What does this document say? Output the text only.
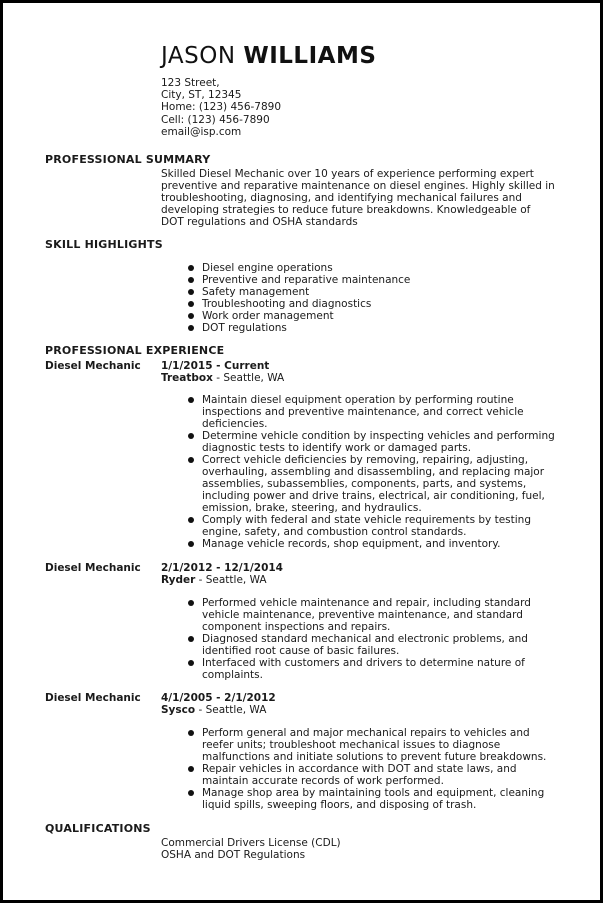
JASON WILLIAMS
123 Street,
City, ST, 12345
Home: (123) 456-7890
Cell: (123) 456-7890
email@isp.com
PROFESSIONAL SUMMARY
Skilled Diesel Mechanic over 10 years of experience performing expert
preventive and reparative maintenance on diesel engines. Highly skilled in
troubleshooting, diagnosing, and identifying mechanical failures and
developing strategies to reduce future breakdowns. Knowledgeable of
DOT regulations and OSHA standards
SKILL HIGHLIGHTS
Diesel engine operations
Preventive and reparative maintenance
Safety management
Troubleshooting and diagnostics
Work order management
DOT regulations
PROFESSIONAL EXPERIENCE
Diesel Mechanic 1/1/2015 - Current
Treatbox - Seattle, WA
Maintain diesel equipment operation by performing routine
inspections and preventive maintenance, and correct vehicle
deficiencies.
Determine vehicle condition by inspecting vehicles and performing
diagnostic tests to identify work or damaged parts.
Correct vehicle deficiencies by removing, repairing, adjusting,
overhauling, assembling and disassembling, and replacing major
assemblies, subassemblies, components, parts, and systems,
including power and drive trains, electrical, air conditioning, fuel,
emission, brake, steering, and hydraulics.
Comply with federal and state vehicle requirements by testing
engine, safety, and combustion control standards.
Manage vehicle records, shop equipment, and inventory.
Diesel Mechanic 2/1/2012 - 12/1/2014
Ryder - Seattle, WA
Performed vehicle maintenance and repair, including standard
vehicle maintenance, preventive maintenance, and standard
component inspections and repairs.
Diagnosed standard mechanical and electronic problems, and
identified root cause of basic failures.
Interfaced with customers and drivers to determine nature of
complaints.
Diesel Mechanic 4/1/2005 - 2/1/2012
Sysco - Seattle, WA
Perform general and major mechanical repairs to vehicles and
reefer units; troubleshoot mechanical issues to diagnose
malfunctions and initiate solutions to prevent future breakdowns.
Repair vehicles in accordance with DOT and state laws, and
maintain accurate records of work performed.
Manage shop area by maintaining tools and equipment, cleaning
liquid spills, sweeping floors, and disposing of trash.
QUALIFICATIONS
Commercial Drivers License (CDL)
OSHA and DOT Regulations
